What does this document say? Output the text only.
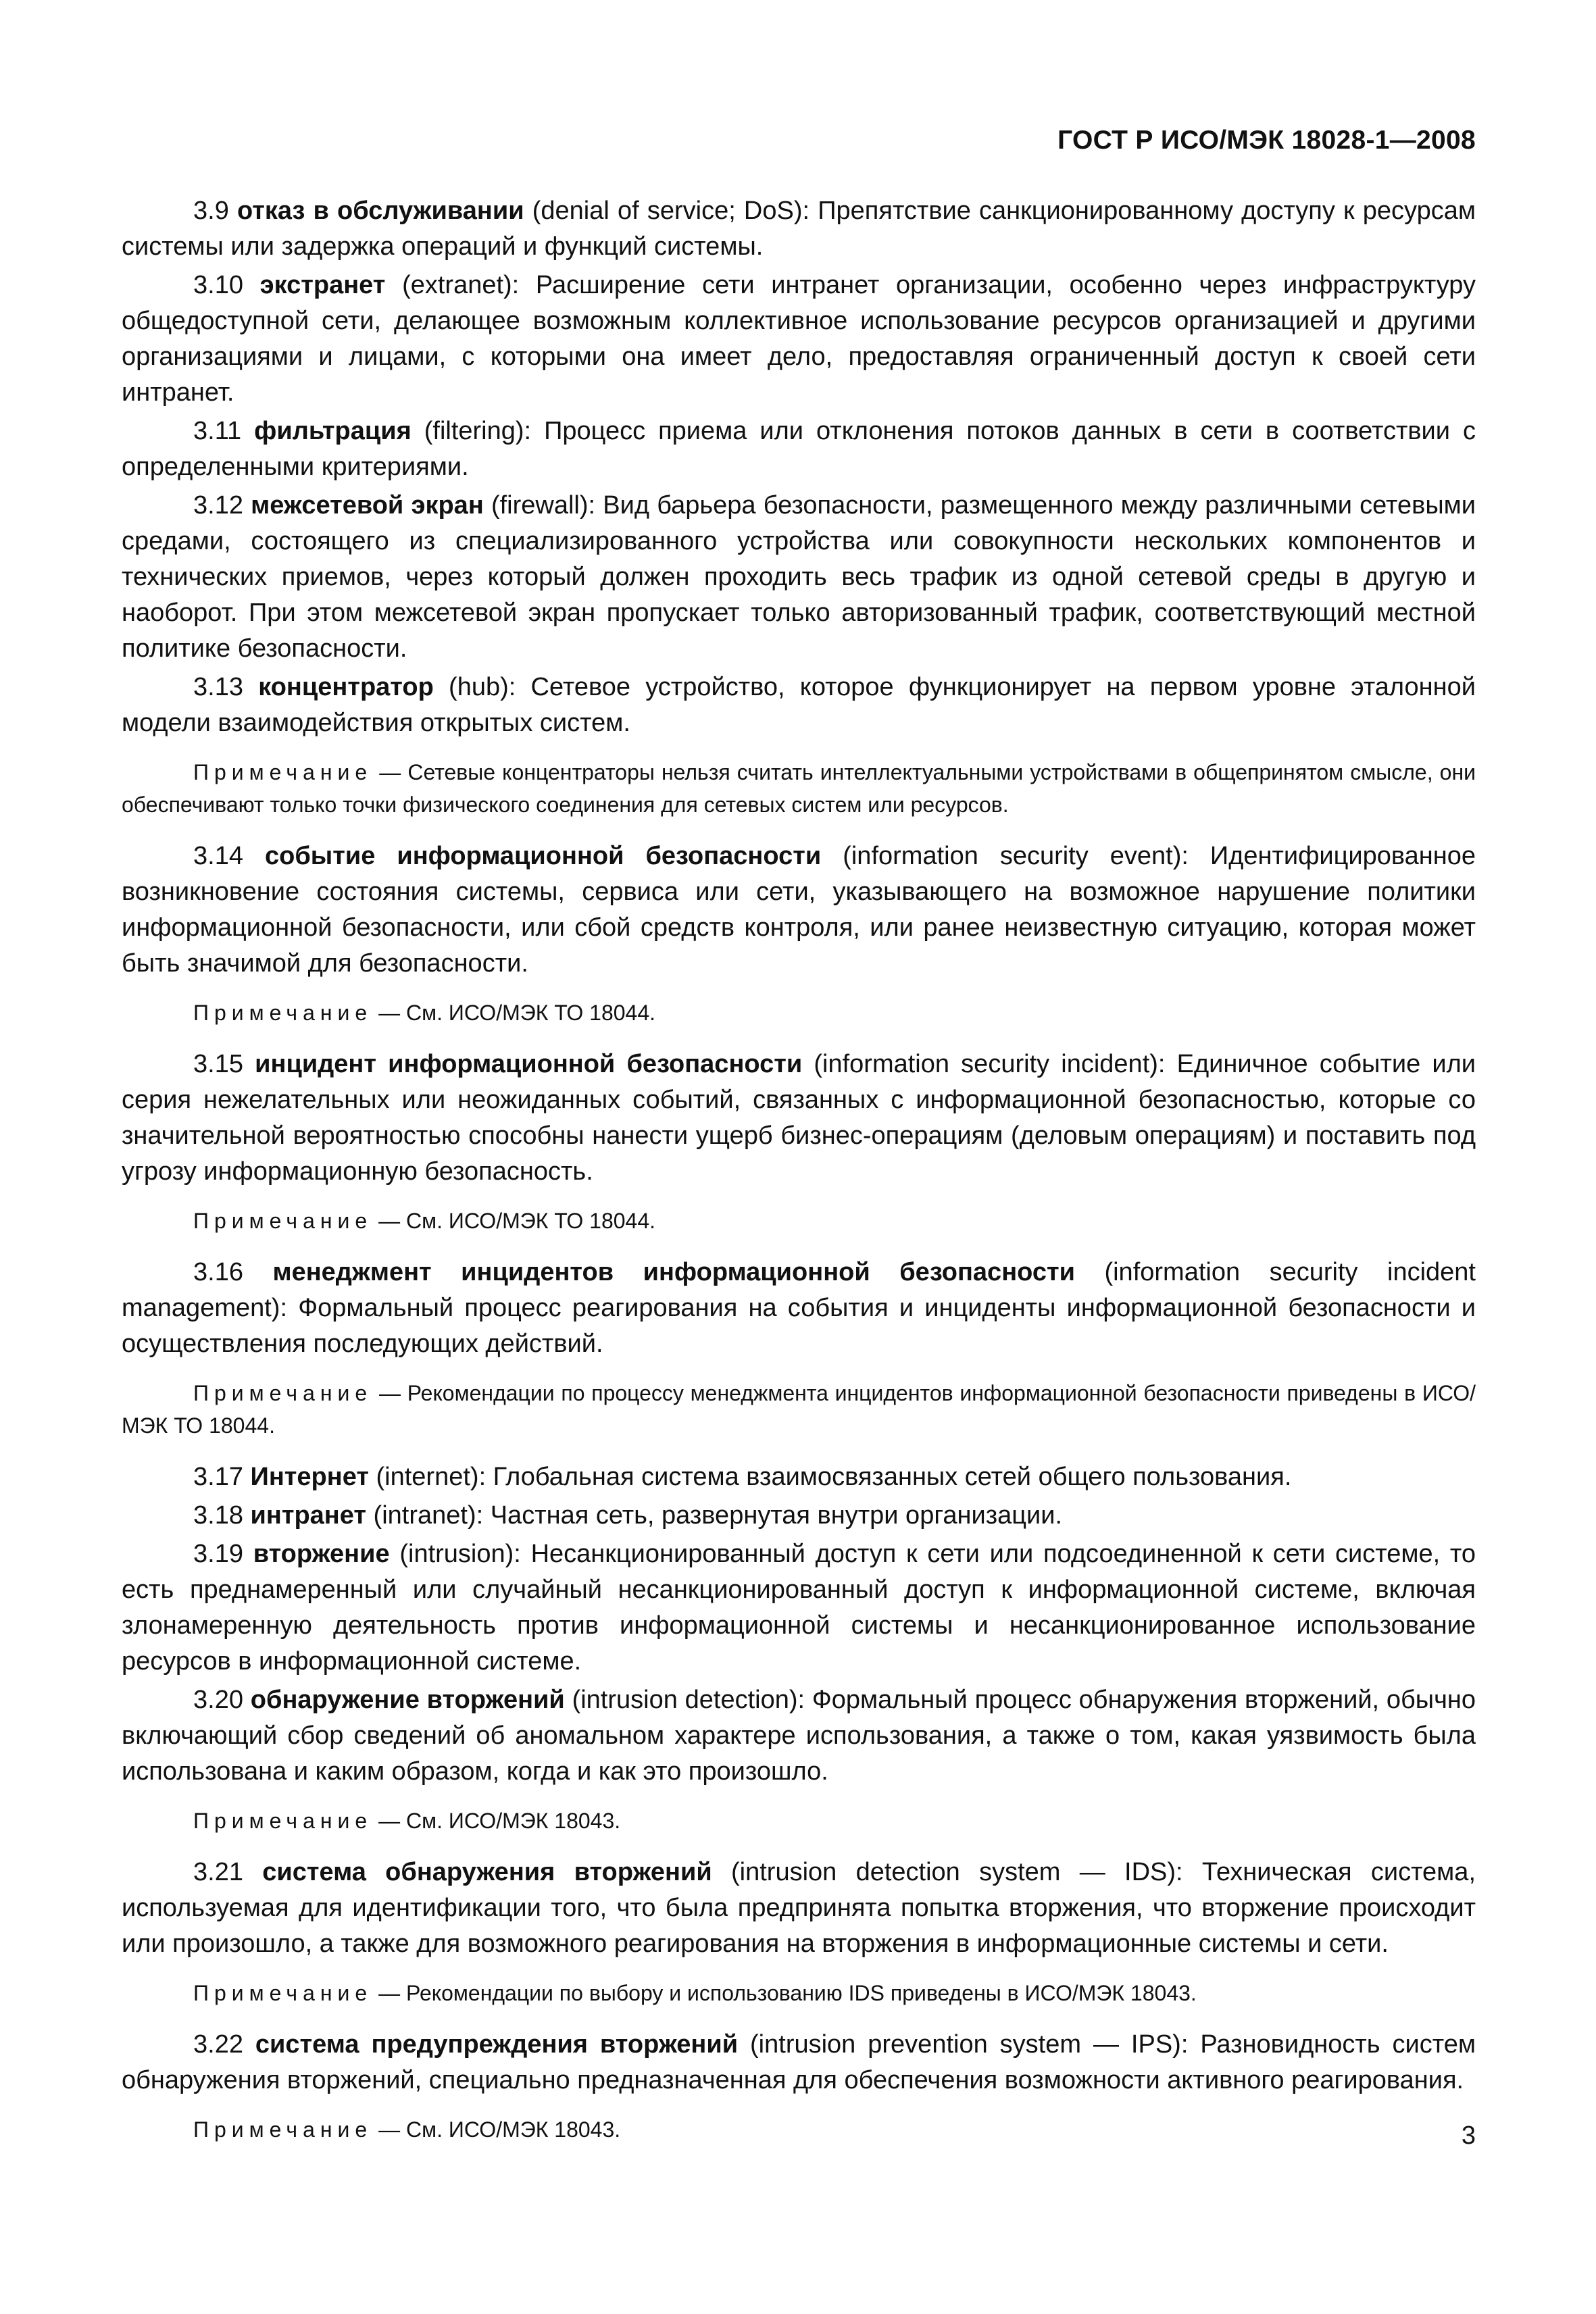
ГОСТ Р ИСО/МЭК 18028-1—2008

3.9 отказ в обслуживании (denial of service; DoS): Препятствие санкционированному доступу к ресурсам системы или задержка операций и функций системы.

3.10 экстранет (extranet): Расширение сети интранет организации, особенно через инфраструктуру общедоступной сети, делающее возможным коллективное использование ресурсов организацией и другими организациями и лицами, с которыми она имеет дело, предоставляя ограниченный доступ к своей сети интранет.

3.11 фильтрация (filtering): Процесс приема или отклонения потоков данных в сети в соответствии с определенными критериями.

3.12 межсетевой экран (firewall): Вид барьера безопасности, размещенного между различными сетевыми средами, состоящего из специализированного устройства или совокупности нескольких компонентов и технических приемов, через который должен проходить весь трафик из одной сетевой среды в другую и наоборот. При этом межсетевой экран пропускает только авторизованный трафик, соответствующий местной политике безопасности.

3.13 концентратор (hub): Сетевое устройство, которое функционирует на первом уровне эталонной модели взаимодействия открытых систем.

Примечание — Сетевые концентраторы нельзя считать интеллектуальными устройствами в общепринятом смысле, они обеспечивают только точки физического соединения для сетевых систем или ресурсов.

3.14 событие информационной безопасности (information security event): Идентифицированное возникновение состояния системы, сервиса или сети, указывающего на возможное нарушение политики информационной безопасности, или сбой средств контроля, или ранее неизвестную ситуацию, которая может быть значимой для безопасности.

Примечание — См. ИСО/МЭК ТО 18044.

3.15 инцидент информационной безопасности (information security incident): Единичное событие или серия нежелательных или неожиданных событий, связанных с информационной безопасностью, которые со значительной вероятностью способны нанести ущерб бизнес-операциям (деловым операциям) и поставить под угрозу информационную безопасность.

Примечание — См. ИСО/МЭК ТО 18044.

3.16 менеджмент инцидентов информационной безопасности (information security incident management): Формальный процесс реагирования на события и инциденты информационной безопасности и осуществления последующих действий.

Примечание — Рекомендации по процессу менеджмента инцидентов информационной безопасности приведены в ИСО/МЭК ТО 18044.

3.17 Интернет (internet): Глобальная система взаимосвязанных сетей общего пользования.

3.18 интранет (intranet): Частная сеть, развернутая внутри организации.

3.19 вторжение (intrusion): Несанкционированный доступ к сети или подсоединенной к сети системе, то есть преднамеренный или случайный несанкционированный доступ к информационной системе, включая злонамеренную деятельность против информационной системы и несанкционированное использование ресурсов в информационной системе.

3.20 обнаружение вторжений (intrusion detection): Формальный процесс обнаружения вторжений, обычно включающий сбор сведений об аномальном характере использования, а также о том, какая уязвимость была использована и каким образом, когда и как это произошло.

Примечание — См. ИСО/МЭК 18043.

3.21 система обнаружения вторжений (intrusion detection system — IDS): Техническая система, используемая для идентификации того, что была предпринята попытка вторжения, что вторжение происходит или произошло, а также для возможного реагирования на вторжения в информационные системы и сети.

Примечание — Рекомендации по выбору и использованию IDS приведены в ИСО/МЭК 18043.

3.22 система предупреждения вторжений (intrusion prevention system — IPS): Разновидность систем обнаружения вторжений, специально предназначенная для обеспечения возможности активного реагирования.

Примечание — См. ИСО/МЭК 18043.	3
